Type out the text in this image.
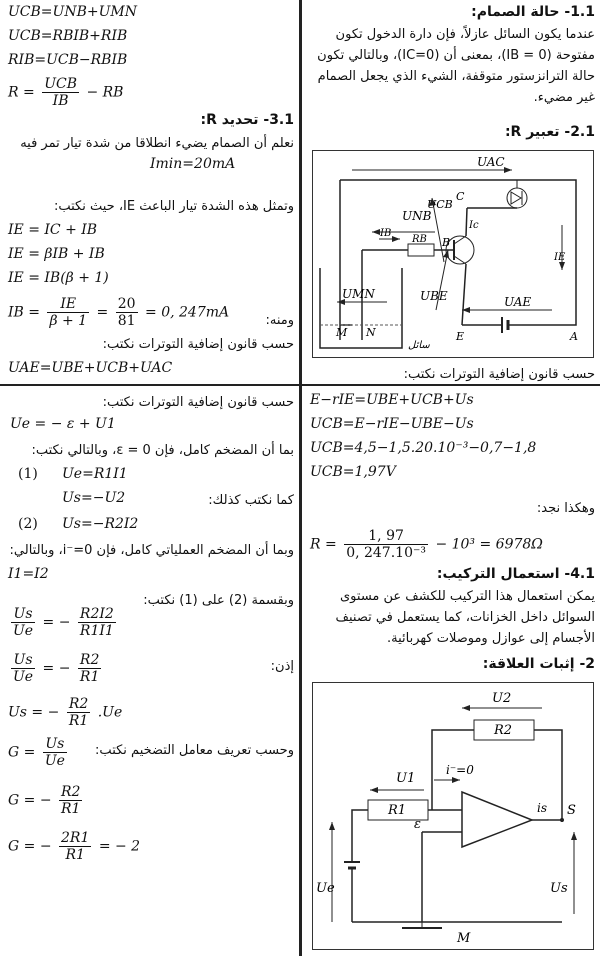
1.1- حالة الصمام:
عندما يكون السائل عازلاً، فإن دارة الدخول تكون مفتوحة (0 = IB)، بمعنى أن (IC=0)، وبالتالي تكون حالة الترانزستور متوقفة، الشيء الذي يجعل الصمام غير مضيء.
2.1- تعبير R:
UAC
UNB
UCB
Ic
IB
RB
UMN	UBE	UAE
IE
C
B
E	A
M N
سائل
حسب قانون إضافية التوترات نكتب:
UCB=UNB+UMN
UCB=RBIB+RIB
RIB=UCB−RBIB
$R = \frac{\text{UCB}}{IB}$ − RB
3.1- تحديد R:
نعلم أن الصمام يضيء انطلاقا من شدة تيار تمر فيه
Imin=20mA
وتمثل هذه الشدة تيار الباعث IE، حيث نكتب:
IE = IC + IB
IE = βIB + IB
IE = IB(β + 1)
IB = $\frac{IE}{\beta + 1} = \frac{20}{81} = 0$, 247mA	ومنه:
حسب قانون إضافية التوترات نكتب:
UAE=UBE+UCB+UAC
E−rIE=UBE+UCB+Us
UCB=E−rIE−UBE−Us
UCB=4,5−1,5.20.10⁻³−0,7−1,8
UCB=1,97V
وهكذا نجد:
$R = \frac{1, 97}{\text{0, 247.10⁻³}} - 10^3 = 6978\Omega$
4.1- استعمال التركيب:
يمكن استعمال هذا التركيب للكشف عن مستوى السوائل داخل الخزانات، كما يستعمل في تصنيف الأجسام إلى عوازل وموصلات كهربائية.
2- إثبات العلاقة:
U2
R2
U1
R1
i⁻=0
ε
is S
Ue	Us
M
حسب قانون إضافية التوترات نكتب:
Ue = − ε + U1
بما أن المضخم كامل، فإن 0 = ε، وبالتالي نكتب:
(1) Ue=R1I1
كما نكتب كذلك:
Us=−U2
(2) Us=−R2I2
وبما أن المضخم العملياتي كامل، فإن i⁻=0، وبالتالي:
I1=I2
وبقسمة (2) على (1) نكتب:
$\frac{Us}{Ue}$ = − $\frac{R2I2}{R1I1}$
إذن:
$\frac{Us}{Ue}$ = − $\frac{R2}{R1}$
Us = − $\frac{R2}{R1} .Ue$
$G = \frac{Us}{Ue}$	وحسب تعريف معامل التضخيم نكتب:
G = − $\frac{R2}{R1}$
G = − $\frac{2R1}{R1}$ = − 2
